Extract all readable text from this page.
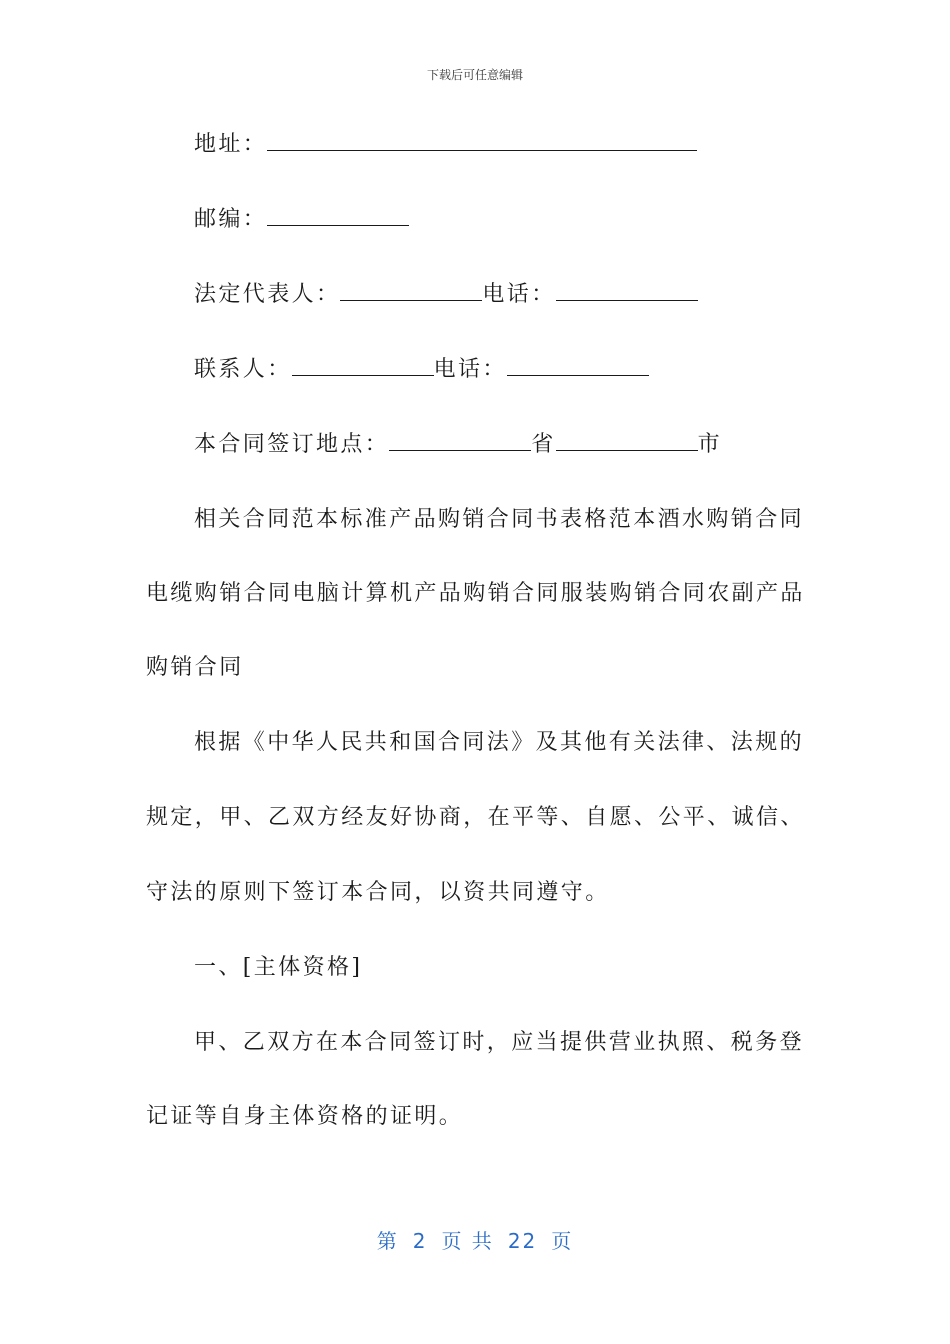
下载后可任意编辑
地址：
邮编：
法定代表人：	电话：
联系人：	电话：
本合同签订地点：	省	市
相关合同范本标准产品购销合同书表格范本酒水购销合同
电缆购销合同电脑计算机产品购销合同服装购销合同农副产品
购销合同
根据《中华人民共和国合同法》及其他有关法律、法规的
规定，甲、乙双方经友好协商，在平等、自愿、公平、诚信、
守法的原则下签订本合同，以资共同遵守。
一、[主体资格]
甲、乙双方在本合同签订时，应当提供营业执照、税务登
记证等自身主体资格的证明。
第 2 页 共 22 页
